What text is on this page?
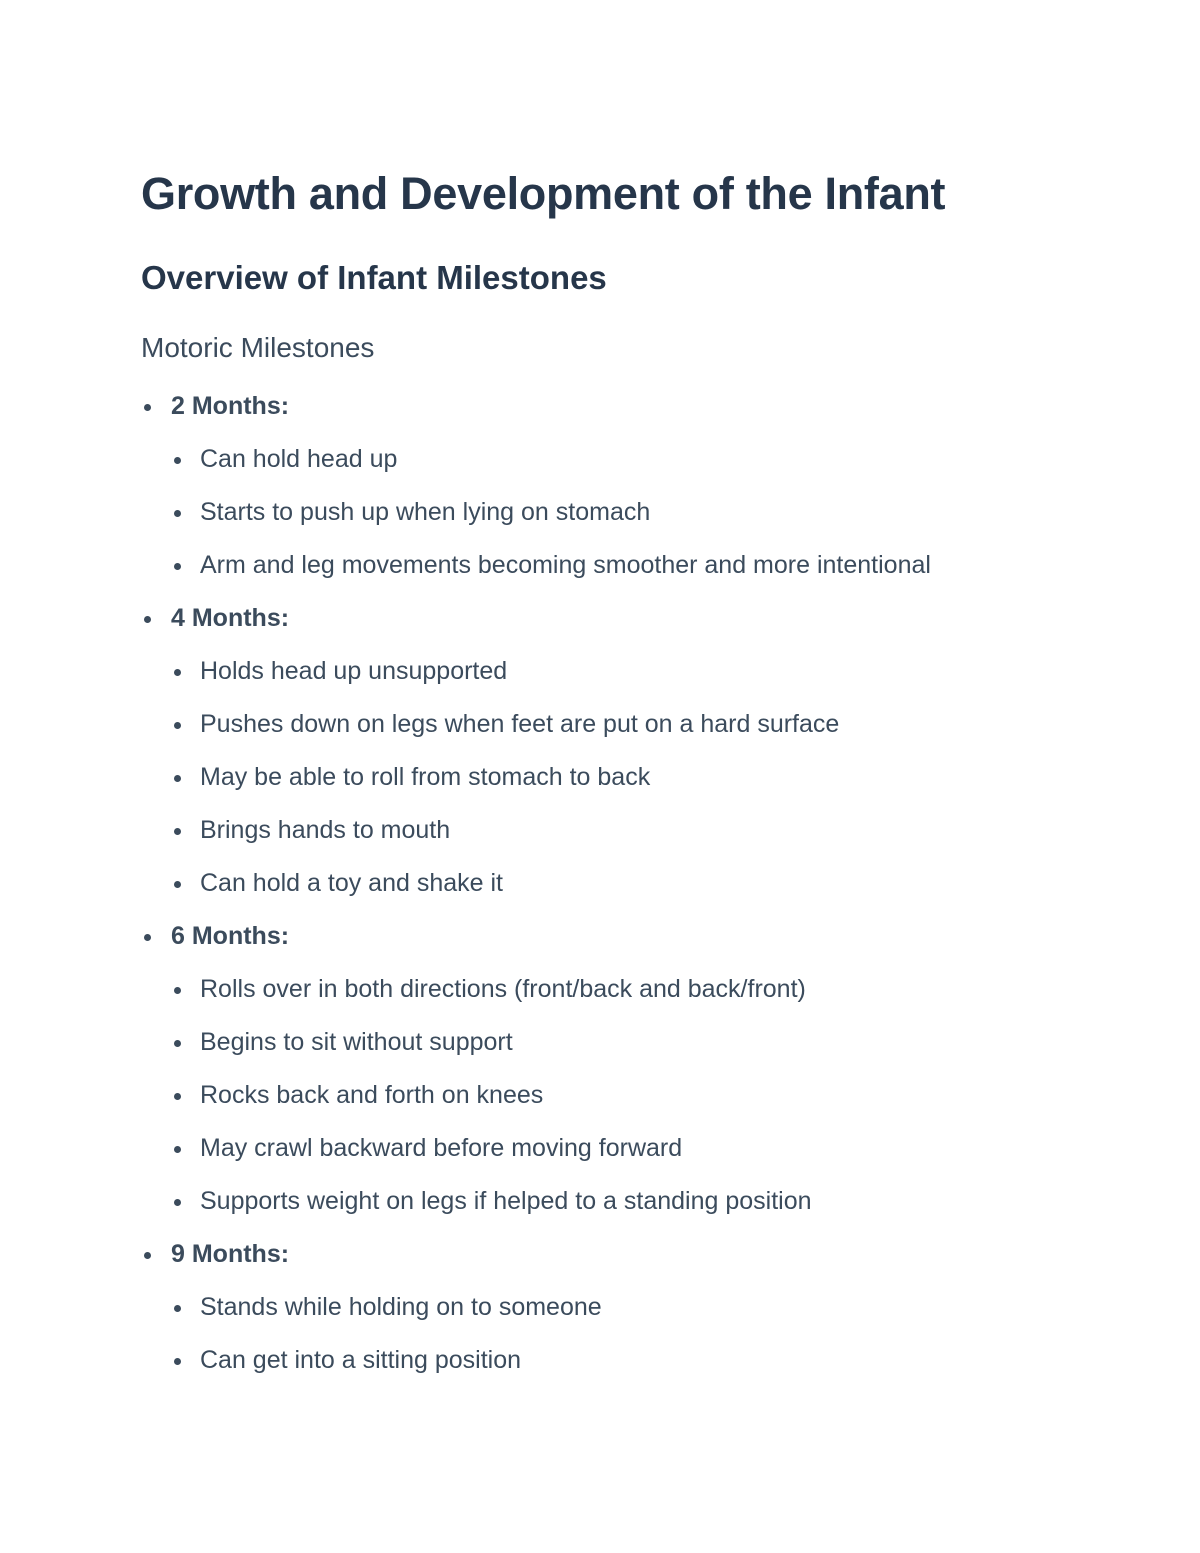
Growth and Development of the Infant
Overview of Infant Milestones
Motoric Milestones
2 Months:
Can hold head up
Starts to push up when lying on stomach
Arm and leg movements becoming smoother and more intentional
4 Months:
Holds head up unsupported
Pushes down on legs when feet are put on a hard surface
May be able to roll from stomach to back
Brings hands to mouth
Can hold a toy and shake it
6 Months:
Rolls over in both directions (front/back and back/front)
Begins to sit without support
Rocks back and forth on knees
May crawl backward before moving forward
Supports weight on legs if helped to a standing position
9 Months:
Stands while holding on to someone
Can get into a sitting position
